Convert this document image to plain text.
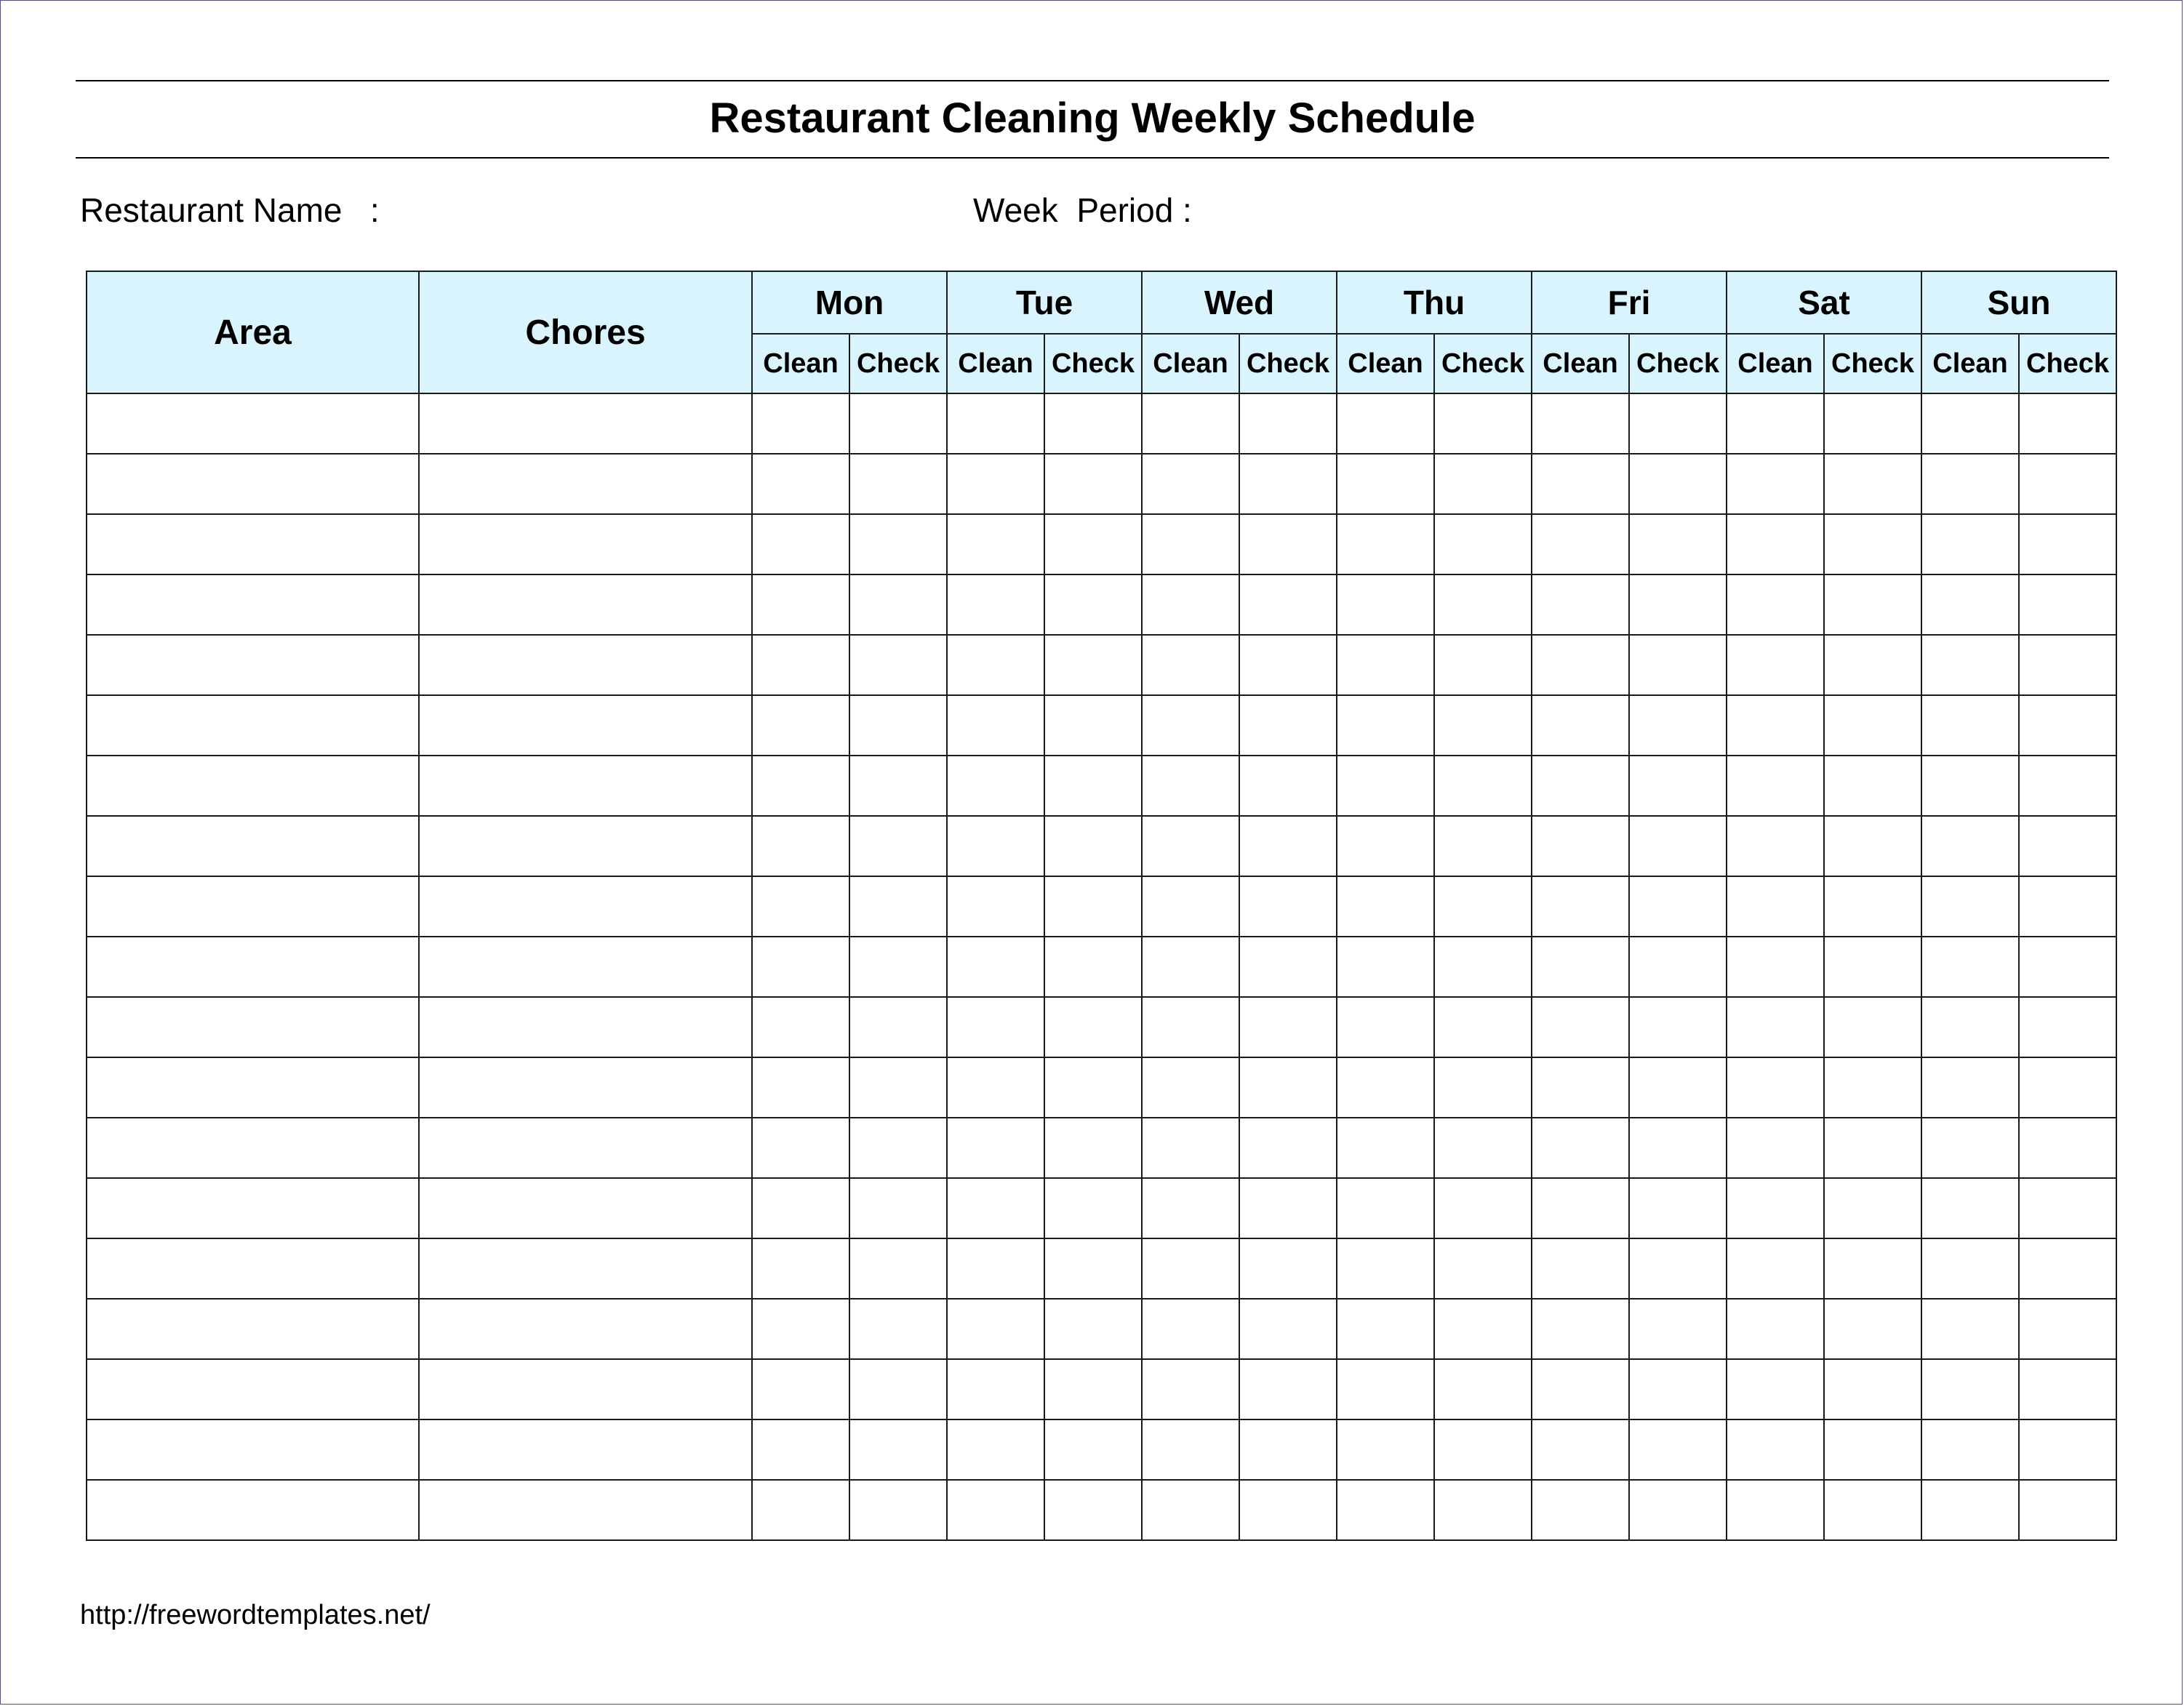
Restaurant Cleaning Weekly Schedule
Restaurant Name   :	Week  Period :
Area	Chores	Mon		Tue		Wed		Thu		Fri		Sat		Sun	
		Clean	Check	Clean	Check	Clean	Check	Clean	Check	Clean	Check	Clean	Check	Clean	Check

http://freewordtemplates.net/
